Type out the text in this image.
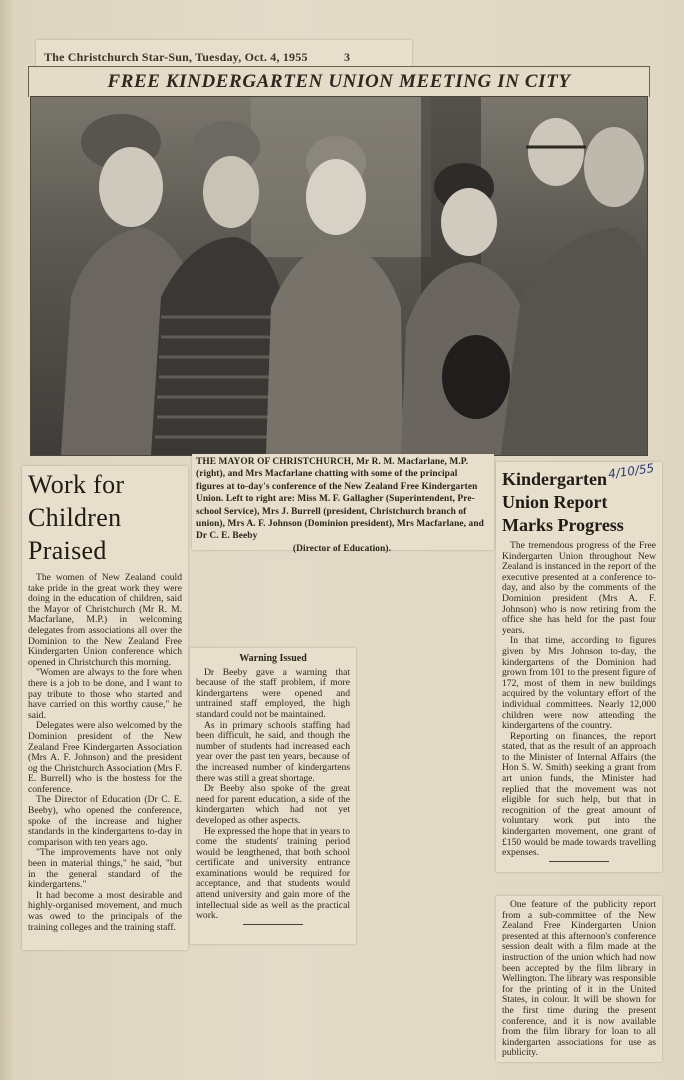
The Christchurch Star-Sun, Tuesday, Oct. 4, 1955	3
FREE KINDERGARTEN UNION MEETING IN CITY
THE MAYOR OF CHRISTCHURCH, Mr R. M. Macfarlane, M.P. (right), and Mrs Macfarlane chatting with some of the principal figures at to-day's conference of the New Zealand Free Kindergarten Union. Left to right are: Miss M. F. Gallagher (Superintendent, Pre-school Service), Mrs J. Burrell (president, Christchurch branch of union), Mrs A. F. Johnson (Dominion president), Mrs Macfarlane, and Dr C. E. Beeby
(Director of Education).
Work for
Children
Praised

The women of New Zealand could take pride in the great work they were doing in the education of children, said the Mayor of Christchurch (Mr R. M. Macfarlane, M.P.) in welcoming delegates from associations all over the Dominion to the New Zealand Free Kindergarten Union conference which opened in Christchurch this morning.

"Women are always to the fore when there is a job to be done, and I want to pay tribute to those who started and have carried on this worthy cause," he said.

Delegates were also welcomed by the Dominion president of the New Zealand Free Kindergarten Association (Mrs A. F. Johnson) and the president og the Christchurch Association (Mrs F. E. Burrell) who is the hostess for the conference.

The Director of Education (Dr C. E. Beeby), who opened the conference, spoke of the increase and higher standards in the kindergartens to-day in comparison with ten years ago.

"The improvements have not only been in material things," he said, "but in the general standard of the kindergartens."

It had become a most desirable and highly-organised movement, and much was owed to the principals of the training colleges and the training staff.

Warning Issued

Dr Beeby gave a warning that because of the staff problem, if more kindergartens were opened and untrained staff employed, the high standard could not be maintained.

As in primary schools staffing had been difficult, he said, and though the number of students had increased each year over the past ten years, because of the increased number of kindergartens there was still a great shortage.

Dr Beeby also spoke of the great need for parent education, a side of the kindergarten which had not yet developed as other aspects.

He expressed the hope that in years to come the students' training period would be lengthened, that both school certificate and university entrance examinations would be required for acceptance, and that students would attend university and gain more of the intellectual side as well as the practical work.

Kindergarten
Union Report
Marks Progress

The tremendous progress of the Free Kindergarten Union throughout New Zealand is instanced in the report of the executive presented at a conference to-day, and also by the comments of the Dominion president (Mrs A. F. Johnson) who is now retiring from the office she has held for the past four years.

In that time, according to figures given by Mrs Johnson to-day, the kindergartens of the Dominion had grown from 101 to the present figure of 172, most of them in new buildings acquired by the voluntary effort of the individual committees. Nearly 12,000 children were now attending the kindergartens of the country.

Reporting on finances, the report stated, that as the result of an approach to the Minister of Internal Affairs (the Hon S. W. Smith) seeking a grant from art union funds, the Minister had replied that the movement was not eligible for such help, but that in recognition of the great amount of voluntary work put into the kindergarten movement, one grant of £150 would be made towards travelling expenses.

4/10/55

One feature of the publicity report from a sub-committee of the New Zealand Free Kindergarten Union presented at this afternoon's conference session dealt with a film made at the instruction of the union which had now been accepted by the film library in Wellington. The library was responsible for the printing of it in the United States, in colour. It will be shown for the first time during the present conference, and it is now available from the film library for loan to all kindergarten associations for use as publicity.
